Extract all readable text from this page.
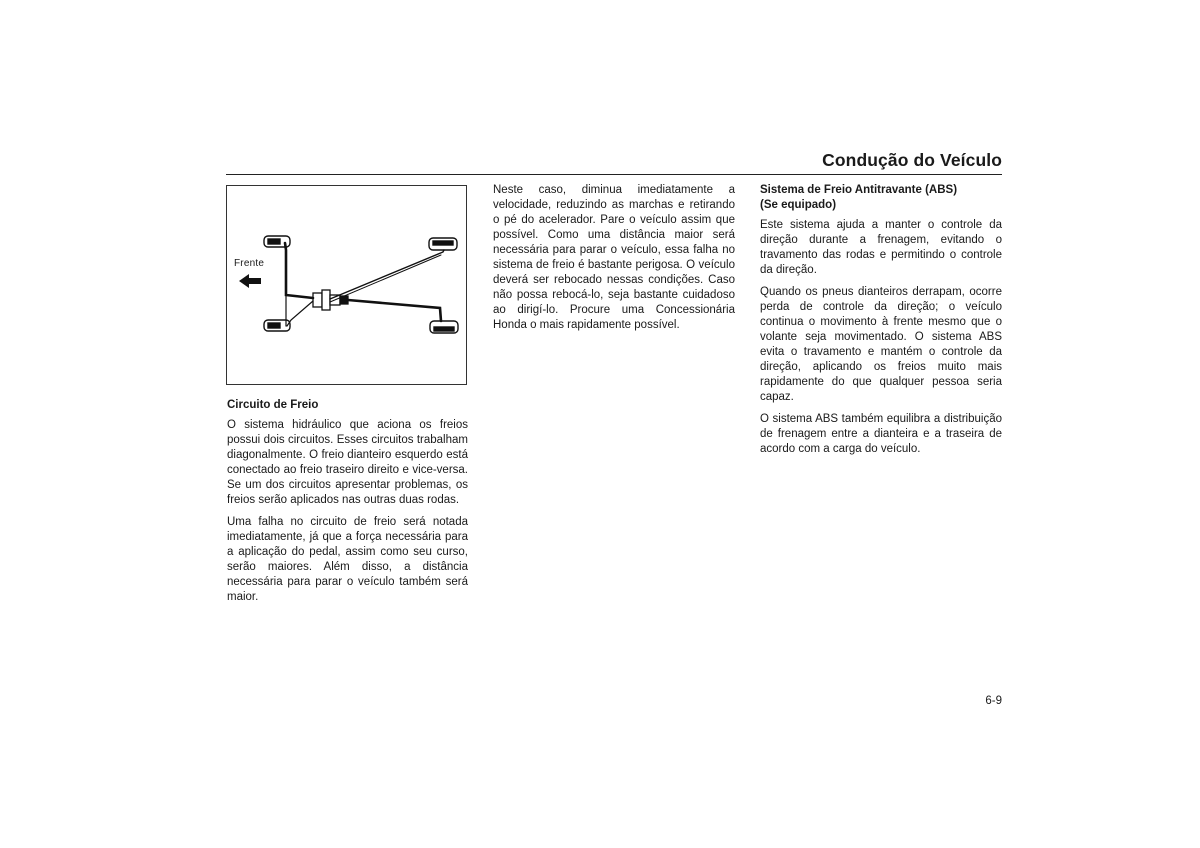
Condução do Veículo
Frente
Circuito de Freio

O sistema hidráulico que aciona os freios possui dois circuitos. Esses circuitos trabalham diagonalmente. O freio dianteiro esquerdo está conectado ao freio traseiro direito e vice-versa. Se um dos circuitos apresentar problemas, os freios serão aplicados nas outras duas rodas.

Uma falha no circuito de freio será notada imediatamente, já que a força necessária para a aplicação do pedal, assim como seu curso, serão maiores. Além disso, a distância necessária para parar o veículo também será maior.

Neste caso, diminua imediatamente a velocidade, reduzindo as marchas e retirando o pé do acelerador. Pare o veículo assim que possível. Como uma distância maior será necessária para parar o veículo, essa falha no sistema de freio é bastante perigosa. O veículo deverá ser rebocado nessas condições. Caso não possa rebocá-lo, seja bastante cuidadoso ao dirigí-lo. Procure uma Concessionária Honda o mais rapidamente possível.

Sistema de Freio Antitravante (ABS)
(Se equipado)

Este sistema ajuda a manter o controle da direção durante a frenagem, evitando o travamento das rodas e permitindo o controle da direção.

Quando os pneus dianteiros derrapam, ocorre perda de controle da direção; o veículo continua o movimento à frente mesmo que o volante seja movimentado. O sistema ABS evita o travamento e mantém o controle da direção, aplicando os freios muito mais rapidamente do que qualquer pessoa seria capaz.

O sistema ABS também equilibra a distribuição de frenagem entre a dianteira e a traseira de acordo com a carga do veículo.

6-9
